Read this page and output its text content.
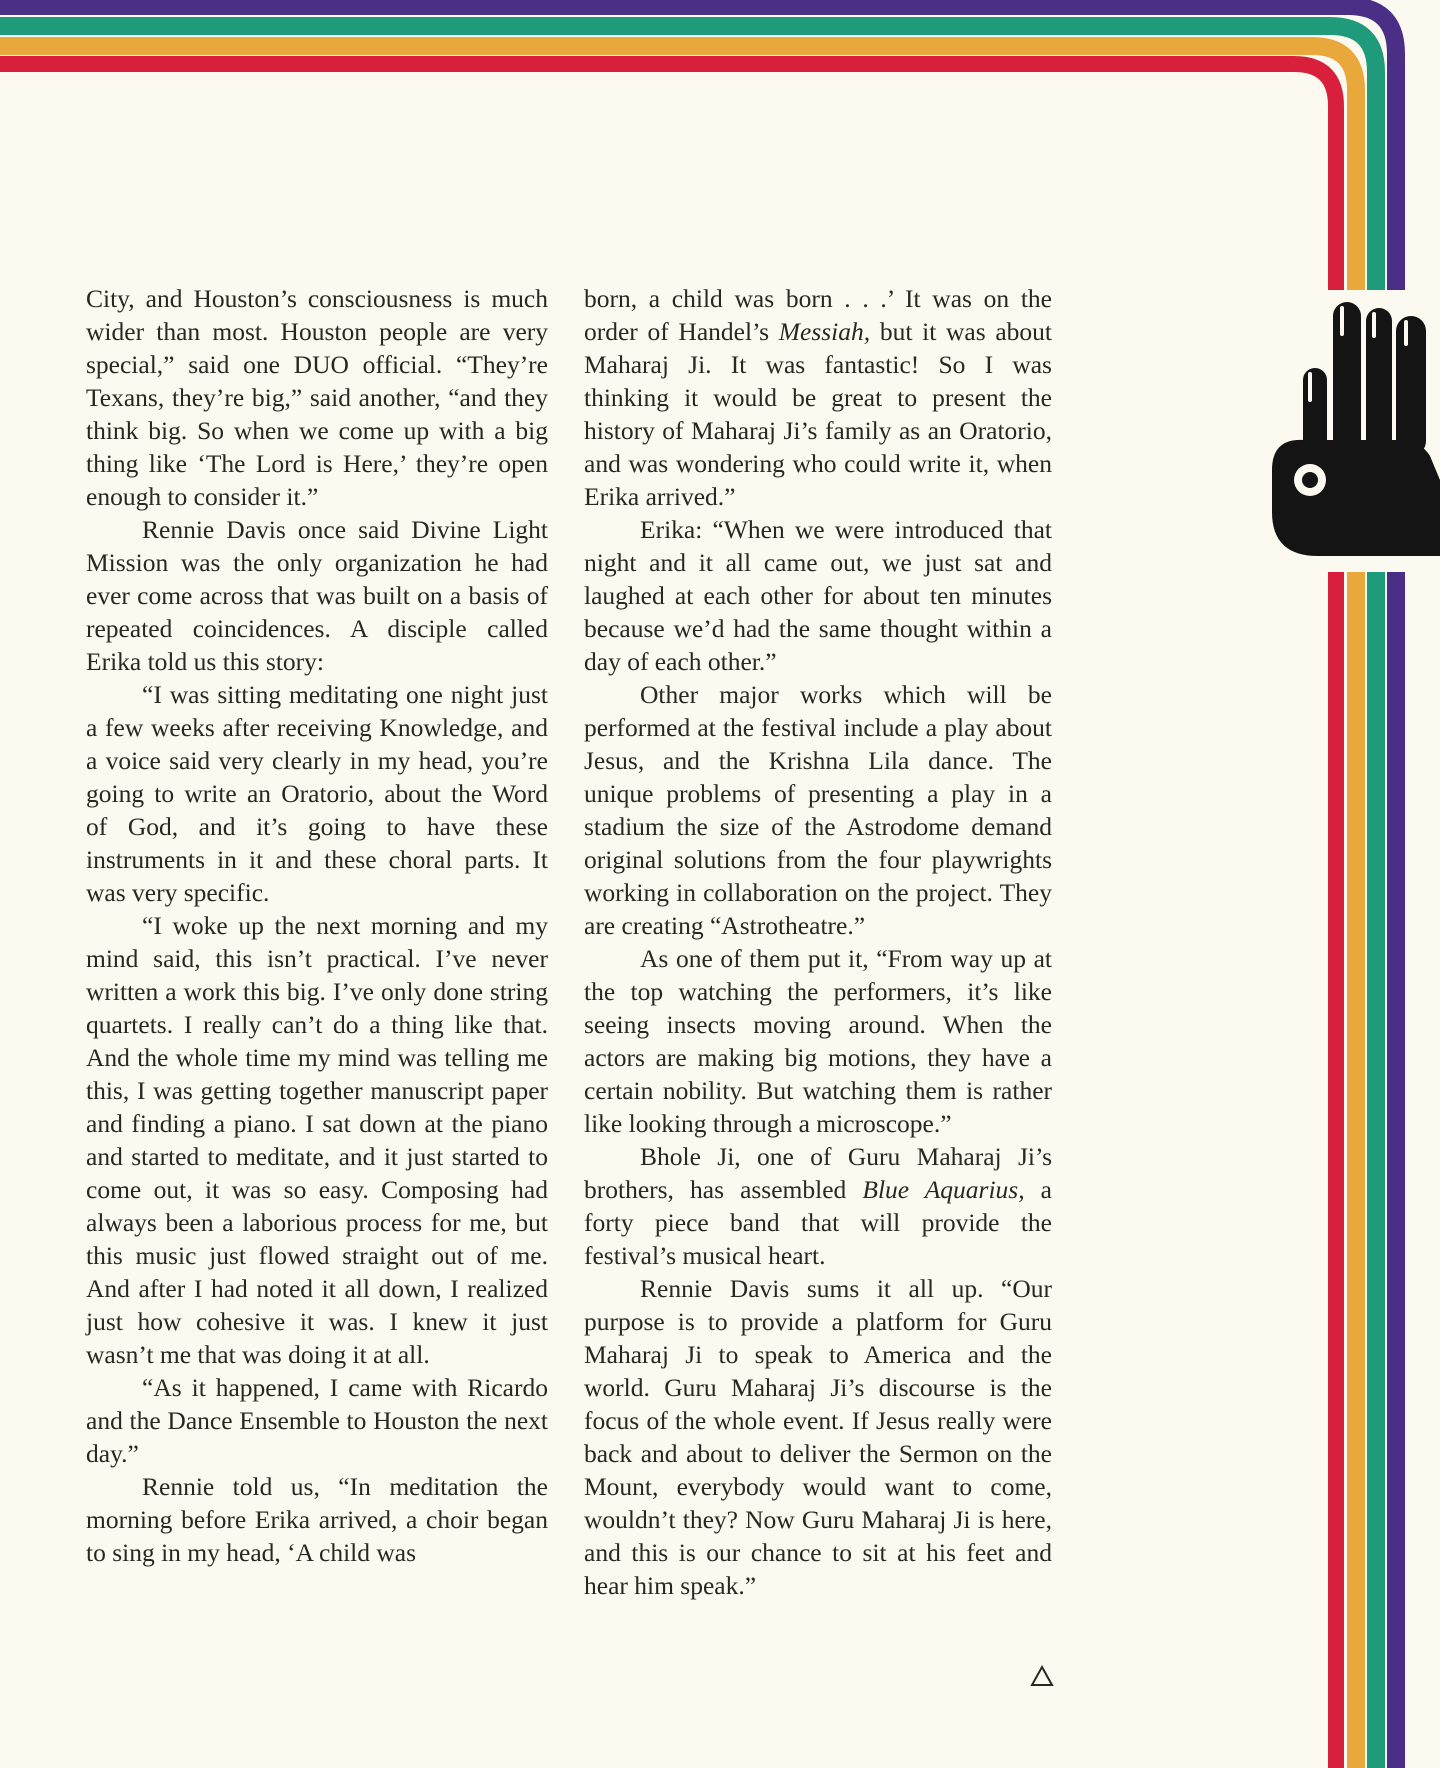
City, and Houston’s consciousness is much wider than most. Houston people are very special,” said one DUO official. “They’re Texans, they’re big,” said another, “and they think big. So when we come up with a big thing like ‘The Lord is Here,’ they’re open enough to consider it.”

Rennie Davis once said Divine Light Mission was the only organization he had ever come across that was built on a basis of repeated coincidences. A disciple called Erika told us this story:

“I was sitting meditating one night just a few weeks after receiving Knowledge, and a voice said very clearly in my head, you’re going to write an Oratorio, about the Word of God, and it’s going to have these instruments in it and these choral parts. It was very specific.

“I woke up the next morning and my mind said, this isn’t practical. I’ve never written a work this big. I’ve only done string quartets. I really can’t do a thing like that. And the whole time my mind was telling me this, I was getting together manuscript paper and finding a piano. I sat down at the piano and started to meditate, and it just started to come out, it was so easy. Composing had always been a laborious process for me, but this music just flowed straight out of me. And after I had noted it all down, I realized just how cohesive it was. I knew it just wasn’t me that was doing it at all.

“As it happened, I came with Ricardo and the Dance Ensemble to Houston the next day.”

Rennie told us, “In meditation the morning before Erika arrived, a choir began to sing in my head, ‘A child was

born, a child was born . . .’ It was on the order of Handel’s Messiah, but it was about Maharaj Ji. It was fantastic! So I was thinking it would be great to present the history of Maharaj Ji’s family as an Oratorio, and was wondering who could write it, when Erika arrived.”

Erika: “When we were introduced that night and it all came out, we just sat and laughed at each other for about ten minutes because we’d had the same thought within a day of each other.”

Other major works which will be performed at the festival include a play about Jesus, and the Krishna Lila dance. The unique problems of presenting a play in a stadium the size of the Astrodome demand original solutions from the four playwrights working in collaboration on the project. They are creating “Astrotheatre.”

As one of them put it, “From way up at the top watching the performers, it’s like seeing insects moving around. When the actors are making big motions, they have a certain nobility. But watching them is rather like looking through a microscope.”

Bhole Ji, one of Guru Maharaj Ji’s brothers, has assembled Blue Aquarius, a forty piece band that will provide the festival’s musical heart.

Rennie Davis sums it all up. “Our purpose is to provide a platform for Guru Maharaj Ji to speak to America and the world. Guru Maharaj Ji’s discourse is the focus of the whole event. If Jesus really were back and about to deliver the Sermon on the Mount, everybody would want to come, wouldn’t they? Now Guru Maharaj Ji is here, and this is our chance to sit at his feet and hear him speak.”
